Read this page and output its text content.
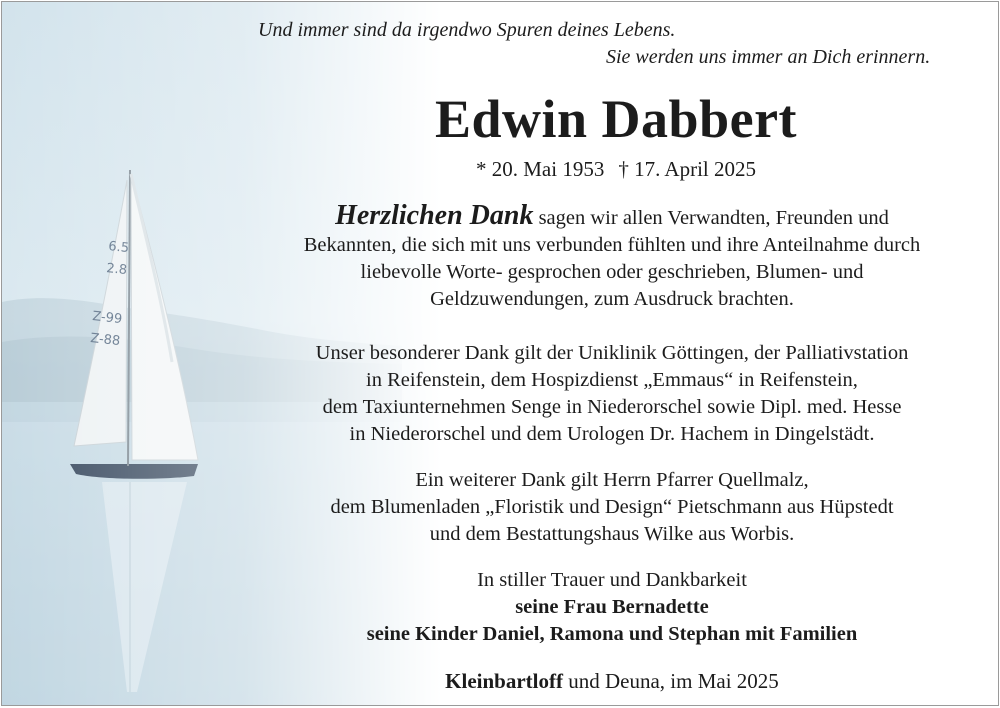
Und immer sind da irgendwo Spuren deines Lebens.
Sie werden uns immer an Dich erinnern.
Edwin Dabbert
* 20. Mai 1953 † 17. April 2025
Herzlichen Dank sagen wir allen Verwandten, Freunden und
Bekannten, die sich mit uns verbunden fühlten und ihre Anteilnahme durch
liebevolle Worte- gesprochen oder geschrieben, Blumen- und
Geldzuwendungen, zum Ausdruck brachten.
Unser besonderer Dank gilt der Uniklinik Göttingen, der Palliativstation
in Reifenstein, dem Hospizdienst „Emmaus“ in Reifenstein,
dem Taxiunternehmen Senge in Niederorschel sowie Dipl. med. Hesse
in Niederorschel und dem Urologen Dr. Hachem in Dingelstädt.
Ein weiterer Dank gilt Herrn Pfarrer Quellmalz,
dem Blumenladen „Floristik und Design“ Pietschmann aus Hüpstedt
und dem Bestattungshaus Wilke aus Worbis.
In stiller Trauer und Dankbarkeit
seine Frau Bernadette
seine Kinder Daniel, Ramona und Stephan mit Familien
Kleinbartloff und Deuna, im Mai 2025
